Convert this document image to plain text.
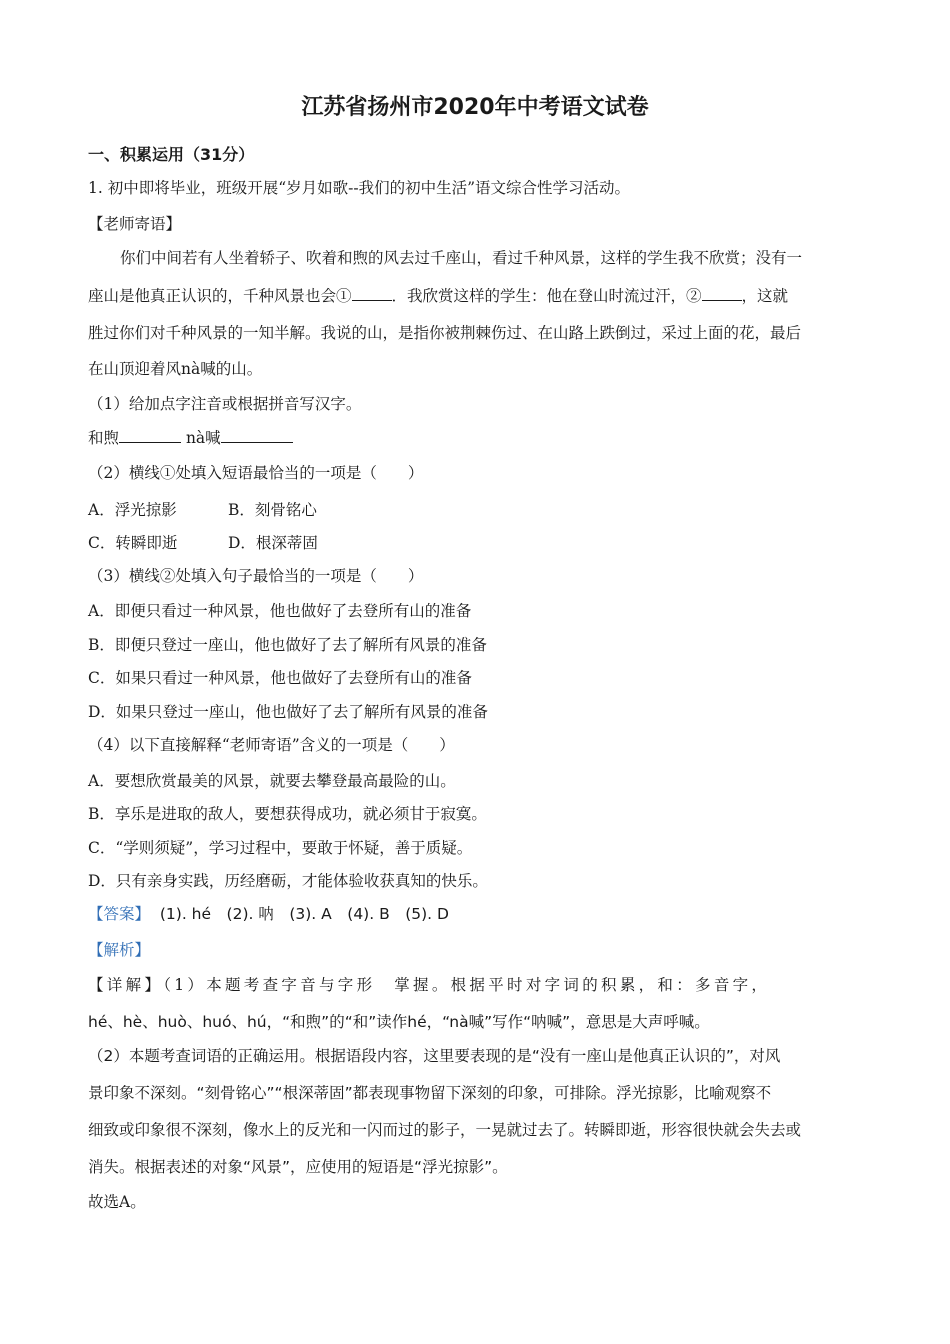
江苏省扬州市2020年中考语文试卷
一、积累运用（31分）
1. 初中即将毕业，班级开展“岁月如歌--我们的初中生活”语文综合性学习活动。
【老师寄语】
你们中间若有人坐着轿子、吹着和煦的风去过千座山，看过千种风景，这样的学生我不欣赏；没有一
座山是他真正认识的，千种风景也会①	．我欣赏这样的学生：他在登山时流过汗，②	，这就
胜过你们对千种风景的一知半解。我说的山，是指你被荆棘伤过、在山路上跌倒过，采过上面的花，最后
在山顶迎着风nà喊的山。
（1）给加点字注音或根据拼音写汉字。
和煦	nà喊
（2）横线①处填入短语最恰当的一项是（　　）
A．浮光掠影	B．刻骨铭心
C．转瞬即逝	D．根深蒂固
（3）横线②处填入句子最恰当的一项是（　　）
A．即便只看过一种风景，他也做好了去登所有山的准备
B．即便只登过一座山，他也做好了去了解所有风景的准备
C．如果只看过一种风景，他也做好了去登所有山的准备
D．如果只登过一座山，他也做好了去了解所有风景的准备
（4）以下直接解释“老师寄语”含义的一项是（　　）
A．要想欣赏最美的风景，就要去攀登最高最险的山。
B．享乐是进取的敌人，要想获得成功，就必须甘于寂寞。
C．“学则须疑”，学习过程中，要敢于怀疑，善于质疑。
D．只有亲身实践，历经磨砺，才能体验收获真知的快乐。
【答案】 (1). hé　(2). 呐　(3). A　(4). B　(5). D
【解析】
【详解】（1）本题考查字音与字形　掌握。根据平时对字词的积累，和：多音字，
hé、hè、huò、huó、hú，“和煦”的“和”读作hé，“nà喊”写作“呐喊”，意思是大声呼喊。
（2）本题考查词语的正确运用。根据语段内容，这里要表现的是“没有一座山是他真正认识的”，对风
景印象不深刻。“刻骨铭心”“根深蒂固”都表现事物留下深刻的印象，可排除。浮光掠影，比喻观察不
细致或印象很不深刻，像水上的反光和一闪而过的影子，一晃就过去了。转瞬即逝，形容很快就会失去或
消失。根据表述的对象“风景”，应使用的短语是“浮光掠影”。
故选A。
